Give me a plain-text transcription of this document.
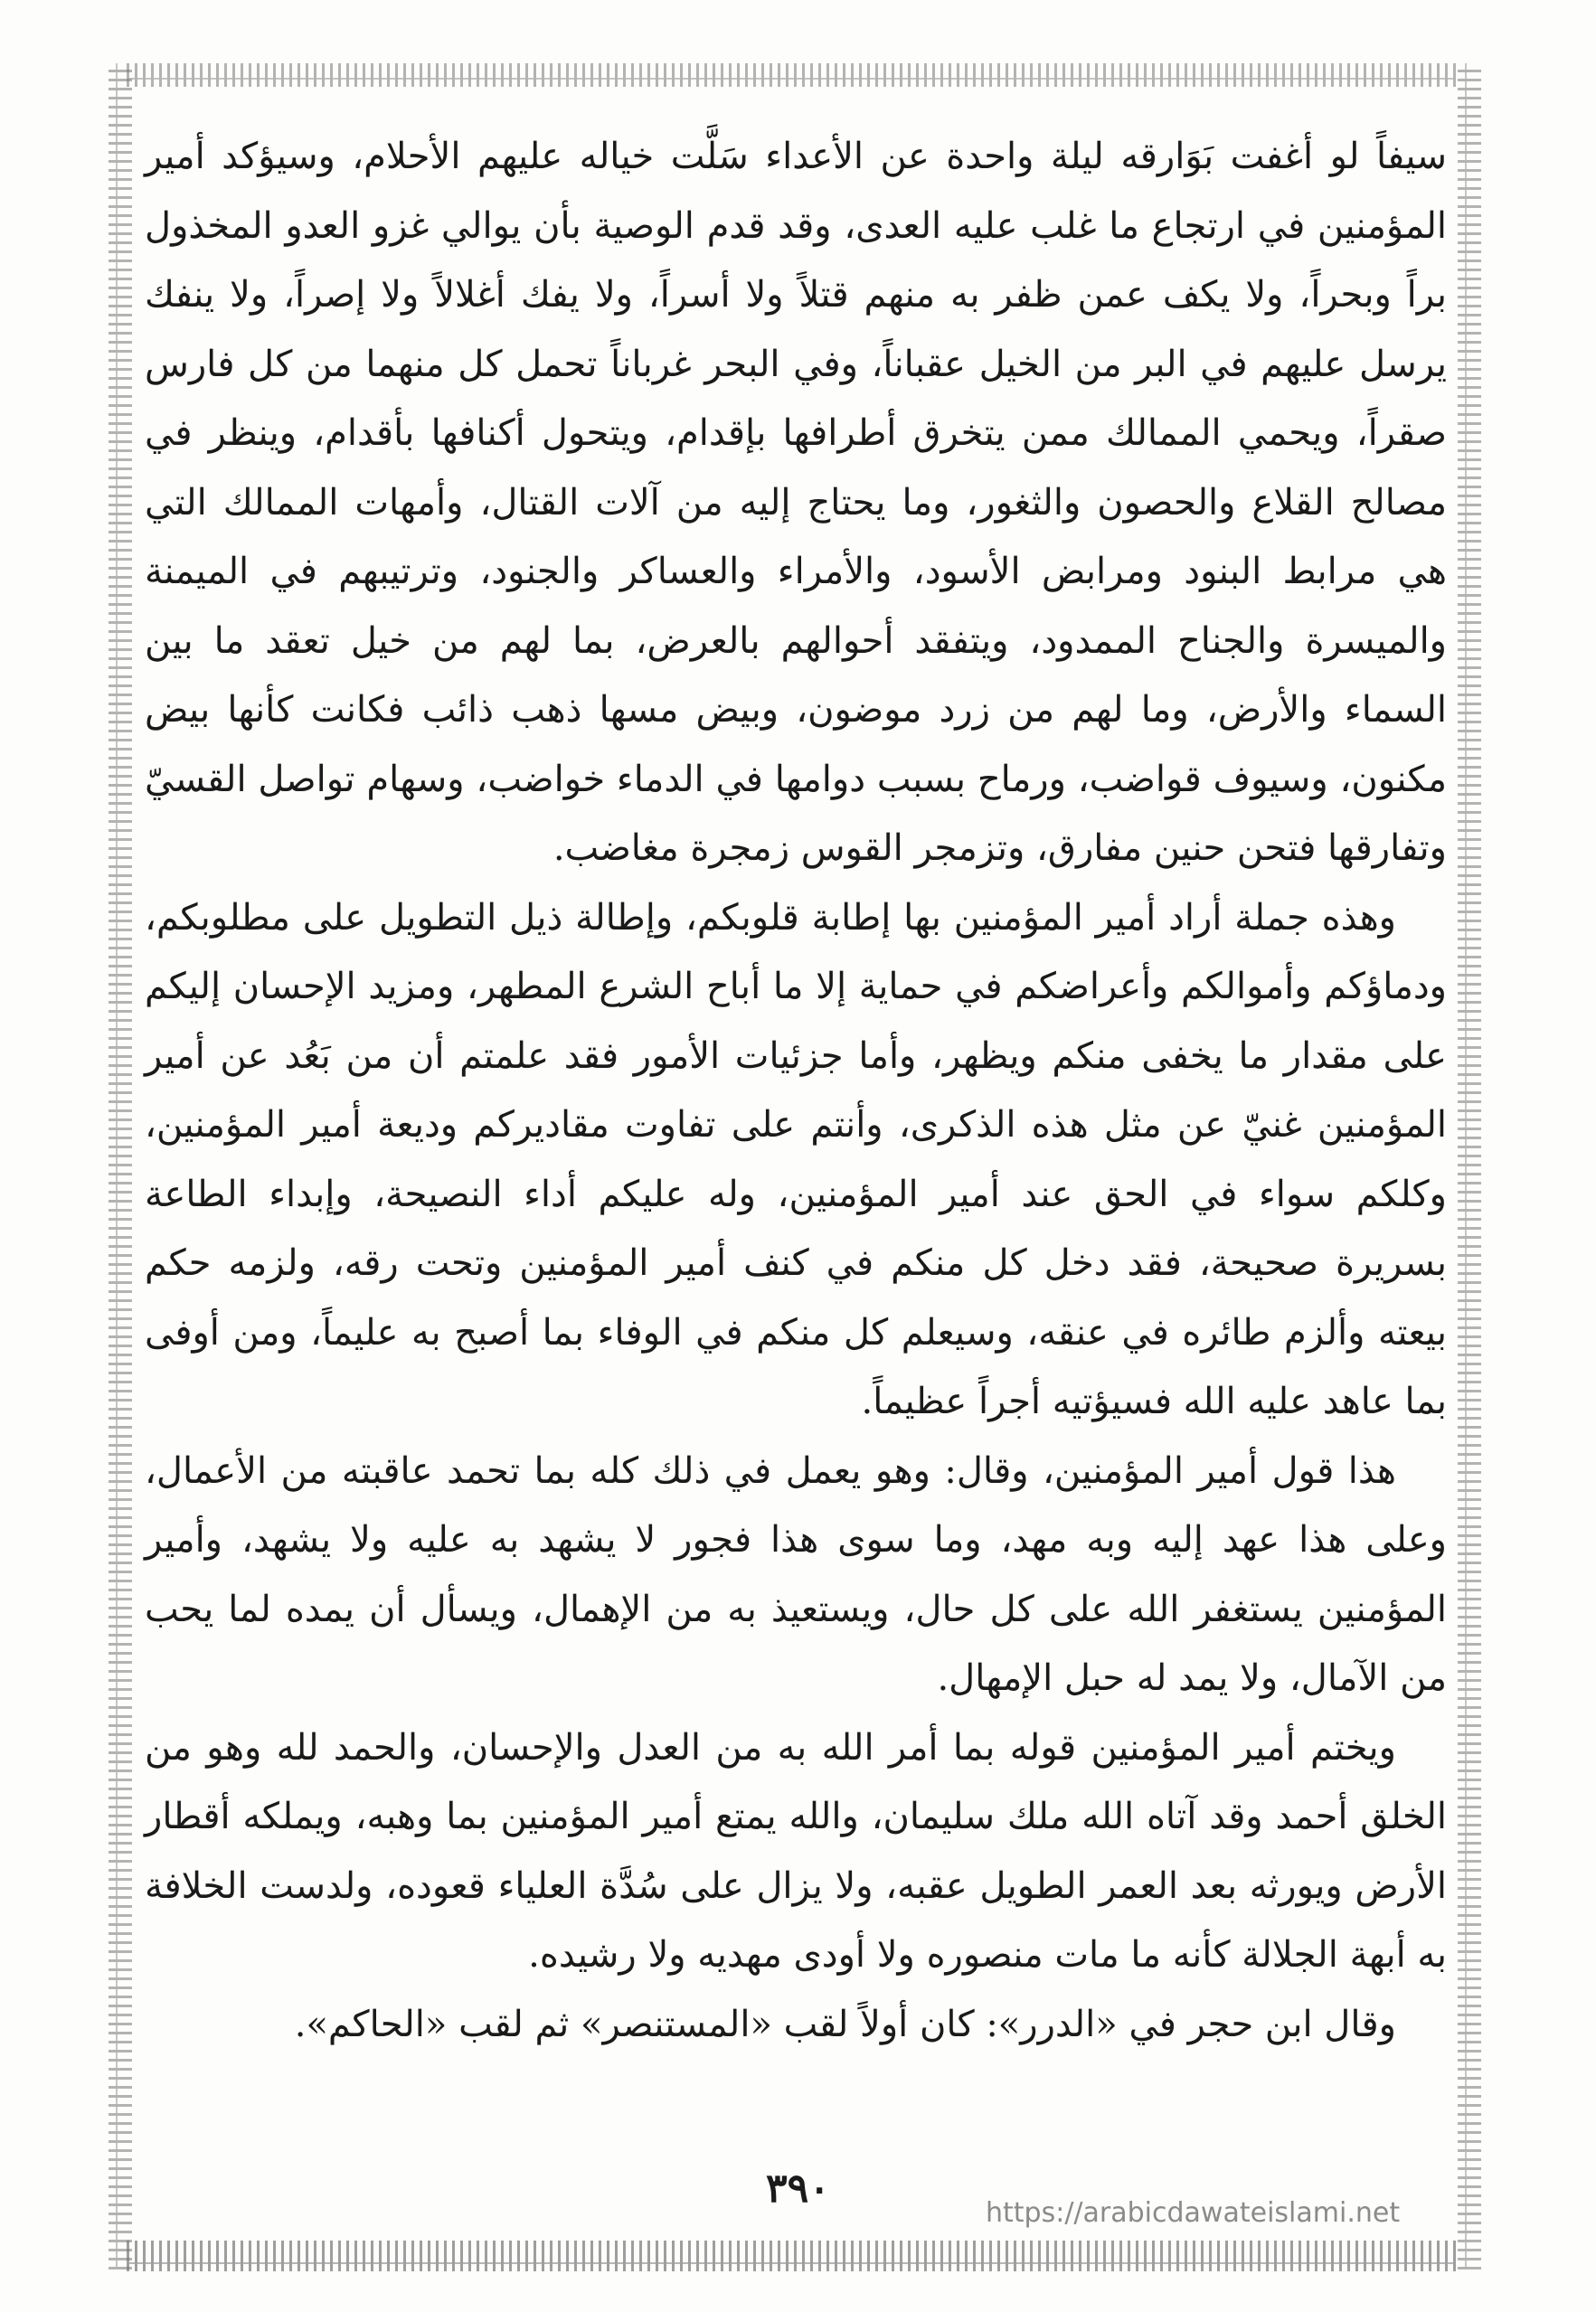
سيفاً لو أغفت بَوَارقه ليلة واحدة عن الأعداء سَلَّت خياله عليهم الأحلام، وسيؤكد أمير المؤمنين في ارتجاع ما غلب عليه العدى، وقد قدم الوصية بأن يوالي غزو العدو المخذول براً وبحراً، ولا يكف عمن ظفر به منهم قتلاً ولا أسراً، ولا يفك أغلالاً ولا إصراً، ولا ينفك يرسل عليهم في البر من الخيل عقباناً، وفي البحر غرباناً تحمل كل منهما من كل فارس صقراً، ويحمي الممالك ممن يتخرق أطرافها بإقدام، ويتحول أكنافها بأقدام، وينظر في مصالح القلاع والحصون والثغور، وما يحتاج إليه من آلات القتال، وأمهات الممالك التي هي مرابط البنود ومرابض الأسود، والأمراء والعساكر والجنود، وترتيبهم في الميمنة والميسرة والجناح الممدود، ويتفقد أحوالهم بالعرض، بما لهم من خيل تعقد ما بين السماء والأرض، وما لهم من زرد موضون، وبيض مسها ذهب ذائب فكانت كأنها بيض مكنون، وسيوف قواضب، ورماح بسبب دوامها في الدماء خواضب، وسهام تواصل القسيّ وتفارقها فتحن حنين مفارق، وتزمجر القوس زمجرة مغاضب.

وهذه جملة أراد أمير المؤمنين بها إطابة قلوبكم، وإطالة ذيل التطويل على مطلوبكم، ودماؤكم وأموالكم وأعراضكم في حماية إلا ما أباح الشرع المطهر، ومزيد الإحسان إليكم على مقدار ما يخفى منكم ويظهر، وأما جزئيات الأمور فقد علمتم أن من بَعُد عن أمير المؤمنين غنيّ عن مثل هذه الذكرى، وأنتم على تفاوت مقاديركم وديعة أمير المؤمنين، وكلكم سواء في الحق عند أمير المؤمنين، وله عليكم أداء النصيحة، وإبداء الطاعة بسريرة صحيحة، فقد دخل كل منكم في كنف أمير المؤمنين وتحت رقه، ولزمه حكم بيعته وألزم طائره في عنقه، وسيعلم كل منكم في الوفاء بما أصبح به عليماً، ومن أوفى بما عاهد عليه الله فسيؤتيه أجراً عظيماً.

هذا قول أمير المؤمنين، وقال: وهو يعمل في ذلك كله بما تحمد عاقبته من الأعمال، وعلى هذا عهد إليه وبه مهد، وما سوى هذا فجور لا يشهد به عليه ولا يشهد، وأمير المؤمنين يستغفر الله على كل حال، ويستعيذ به من الإهمال، ويسأل أن يمده لما يحب من الآمال، ولا يمد له حبل الإمهال.

ويختم أمير المؤمنين قوله بما أمر الله به من العدل والإحسان، والحمد لله وهو من الخلق أحمد وقد آتاه الله ملك سليمان، والله يمتع أمير المؤمنين بما وهبه، ويملكه أقطار الأرض ويورثه بعد العمر الطويل عقبه، ولا يزال على سُدَّة العلياء قعوده، ولدست الخلافة به أبهة الجلالة كأنه ما مات منصوره ولا أودى مهديه ولا رشيده.

وقال ابن حجر في «الدرر»: كان أولاً لقب «المستنصر» ثم لقب «الحاكم».

٣٩٠
https://arabicdawateislami.net
